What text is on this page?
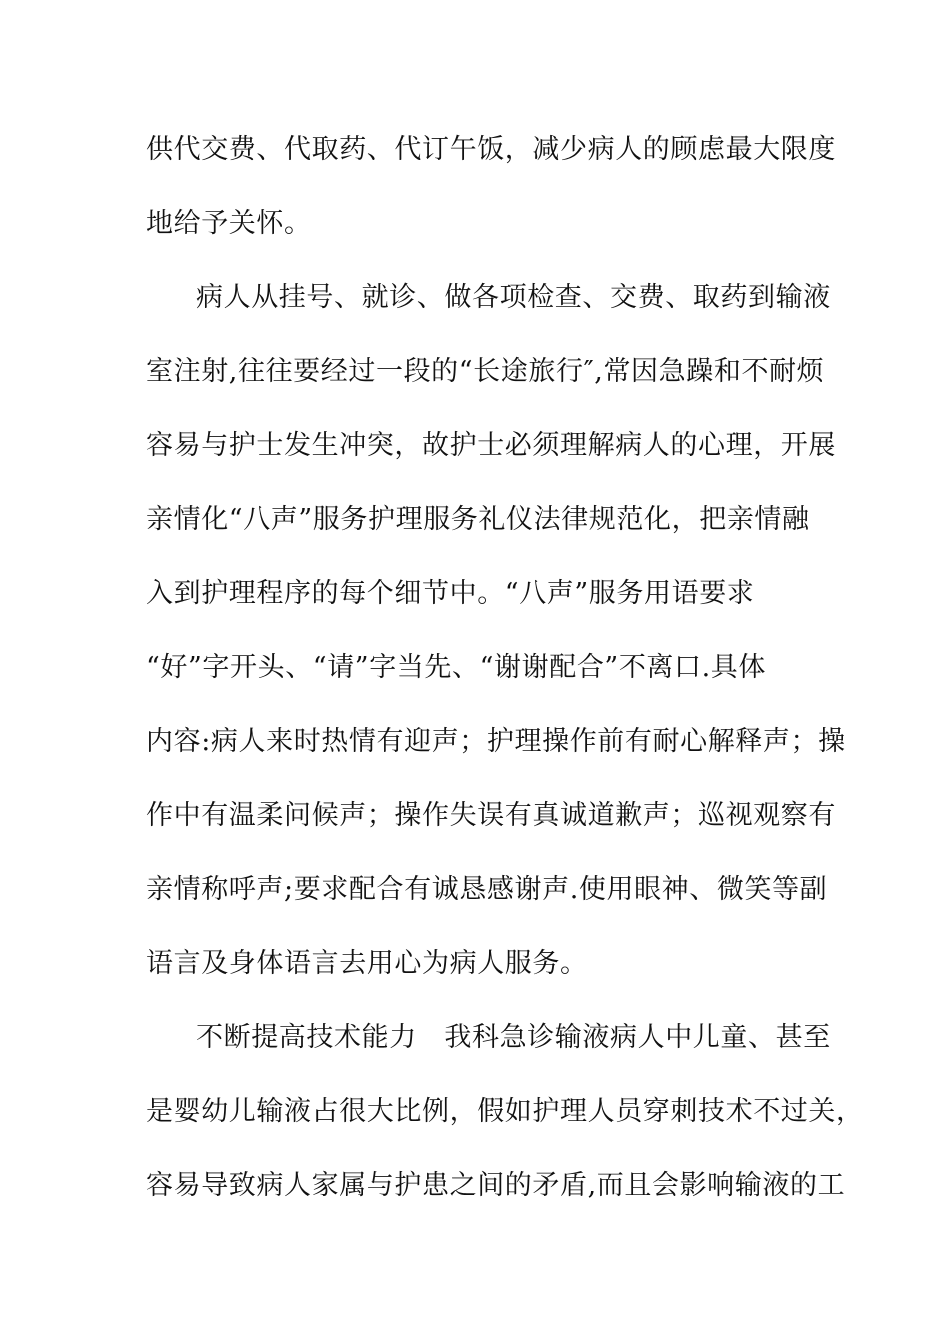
供代交费、代取药、代订午饭，减少病人的顾虑最大限度
地给予关怀。
病人从挂号、就诊、做各项检查、交费、取药到输液
室注射,往往要经过一段的“长途旅行″,常因急躁和不耐烦
容易与护士发生冲突，故护士必须理解病人的心理，开展
亲情化“八声”服务护理服务礼仪法律规范化，把亲情融
入到护理程序的每个细节中。“八声”服务用语要求
“好”字开头、“请”字当先、“谢谢配合”不离口.具体
内容:病人来时热情有迎声；护理操作前有耐心解释声；操
作中有温柔问候声；操作失误有真诚道歉声；巡视观察有
亲情称呼声;要求配合有诚恳感谢声.使用眼神、微笑等副
语言及身体语言去用心为病人服务。
不断提高技术能力　我科急诊输液病人中儿童、甚至
是婴幼儿输液占很大比例，假如护理人员穿刺技术不过关，
容易导致病人家属与护患之间的矛盾,而且会影响输液的工
